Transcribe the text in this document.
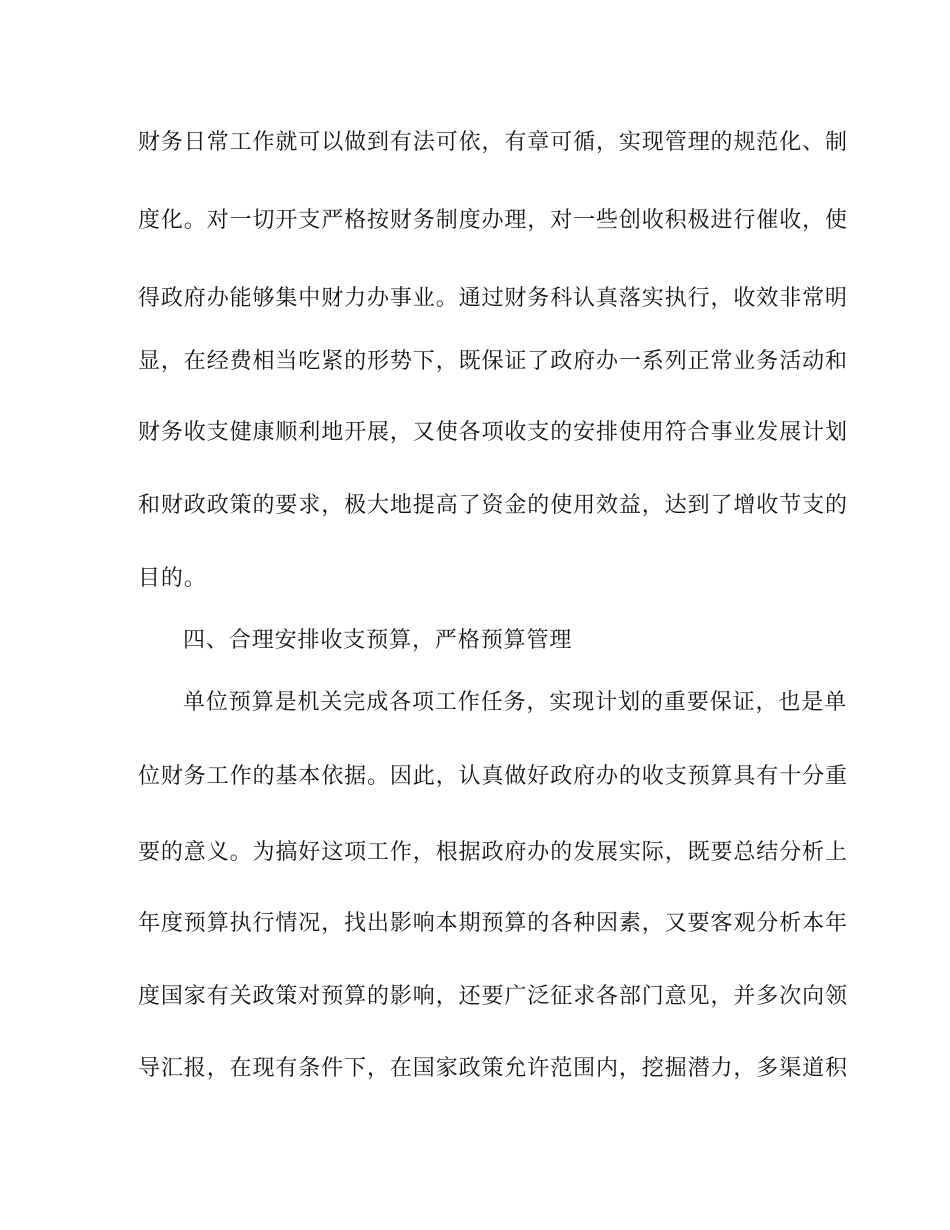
财务日常工作就可以做到有法可依，有章可循，实现管理的规范化、制
度化。对一切开支严格按财务制度办理，对一些创收积极进行催收，使
得政府办能够集中财力办事业。通过财务科认真落实执行，收效非常明
显，在经费相当吃紧的形势下，既保证了政府办一系列正常业务活动和
财务收支健康顺利地开展，又使各项收支的安排使用符合事业发展计划
和财政政策的要求，极大地提高了资金的使用效益，达到了增收节支的
目的。
四、合理安排收支预算，严格预算管理
单位预算是机关完成各项工作任务，实现计划的重要保证，也是单
位财务工作的基本依据。因此，认真做好政府办的收支预算具有十分重
要的意义。为搞好这项工作，根据政府办的发展实际，既要总结分析上
年度预算执行情况，找出影响本期预算的各种因素，又要客观分析本年
度国家有关政策对预算的影响，还要广泛征求各部门意见，并多次向领
导汇报，在现有条件下，在国家政策允许范围内，挖掘潜力，多渠道积
